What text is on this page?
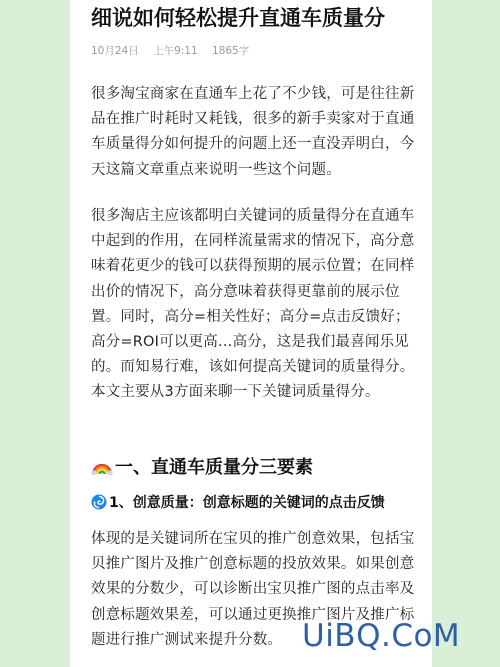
细说如何轻松提升直通车质量分
10月24日 上午9:11 1865字
很多淘宝商家在直通车上花了不少钱，可是往往新品在推广时耗时又耗钱，很多的新手卖家对于直通车质量得分如何提升的问题上还一直没弄明白，今天这篇文章重点来说明一些这个问题。
很多淘店主应该都明白关键词的质量得分在直通车中起到的作用，在同样流量需求的情况下，高分意味着花更少的钱可以获得预期的展示位置；在同样出价的情况下，高分意味着获得更靠前的展示位置。同时，高分=相关性好；高分=点击反馈好；高分=ROI可以更高…高分，这是我们最喜闻乐见的。而知易行难，该如何提高关键词的质量得分。本文主要从3方面来聊一下关键词质量得分。
一、直通车质量分三要素
1、创意质量：创意标题的关键词的点击反馈
体现的是关键词所在宝贝的推广创意效果，包括宝贝推广图片及推广创意标题的投放效果。如果创意效果的分数少，可以诊断出宝贝推广图的点击率及创意标题效果差，可以通过更换推广图片及推广标题进行推广测试来提升分数。 UiBQ.CoM
